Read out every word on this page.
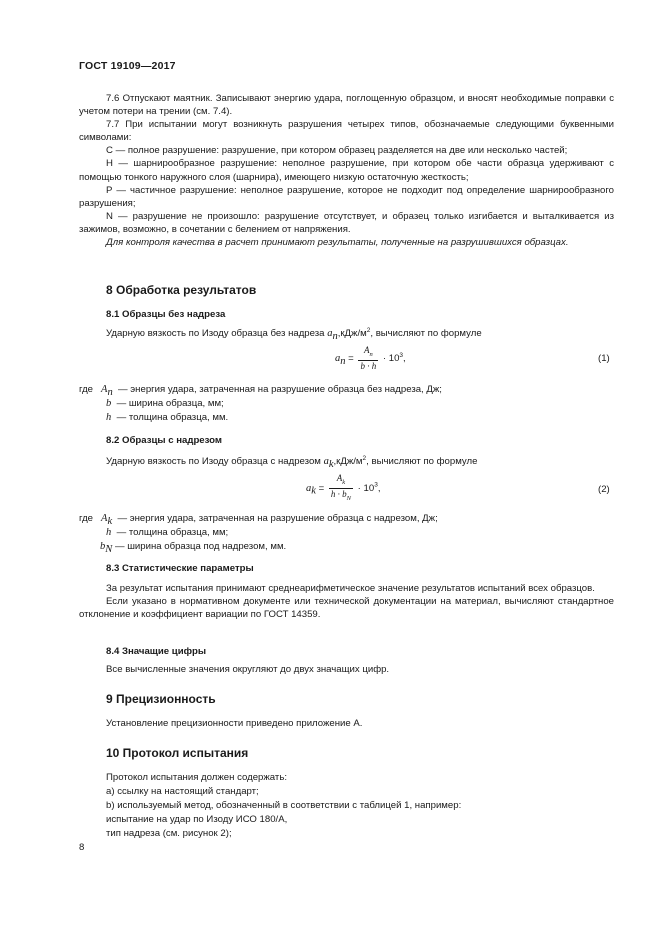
ГОСТ 19109—2017

7.6 Отпускают маятник. Записывают энергию удара, поглощенную образцом, и вносят необходимые поправки с учетом потери на трении (см. 7.4).

7.7 При испытании могут возникнуть разрушения четырех типов, обозначаемые следующими буквенными символами:

С — полное разрушение: разрушение, при котором образец разделяется на две или несколько частей;

Н — шарнирообразное разрушение: неполное разрушение, при котором обе части образца удерживают с помощью тонкого наружного слоя (шарнира), имеющего низкую остаточную жесткость;

Р — частичное разрушение: неполное разрушение, которое не подходит под определение шарнирообразного разрушения;

N — разрушение не произошло: разрушение отсутствует, и образец только изгибается и выталкивается из зажимов, возможно, в сочетании с белением от напряжения.

Для контроля качества в расчет принимают результаты, полученные на разрушившихся образцах.

8 Обработка результатов
8.1 Образцы без надреза
Ударную вязкость по Изоду образца без надреза $a_n,кДж/м^2$, вычисляют по формуле
$a_n = \frac{A_n}{b \cdot h} \cdot 10^3$,	(1)
где $A_n$ — энергия удара, затраченная на разрушение образца без надреза, Дж;
b — ширина образца, мм;
h — толщина образца, мм.
8.2 Образцы с надрезом
Ударную вязкость по Изоду образца с надрезом $a_k,кДж/м^2$, вычисляют по формуле
$a_k = \frac{A_k}{h \cdot b_N} \cdot 10^3$,	(2)
где $A_k$ — энергия удара, затраченная на разрушение образца с надрезом, Дж;
h — толщина образца, мм;
$b_N$ — ширина образца под надрезом, мм.
8.3 Статистические параметры

За результат испытания принимают среднеарифметическое значение результатов испытаний всех образцов.

Если указано в нормативном документе или технической документации на материал, вычисляют стандартное отклонение и коэффициент вариации по ГОСТ 14359.

8.4 Значащие цифры
Все вычисленные значения округляют до двух значащих цифр.
9 Прецизионность
Установление прецизионности приведено приложение А.
10 Протокол испытания
Протокол испытания должен содержать:
a) ссылку на настоящий стандарт;
b) используемый метод, обозначенный в соответствии с таблицей 1, например:
испытание на удар по Изоду ИСО 180/А,
тип надреза (см. рисунок 2);
8
